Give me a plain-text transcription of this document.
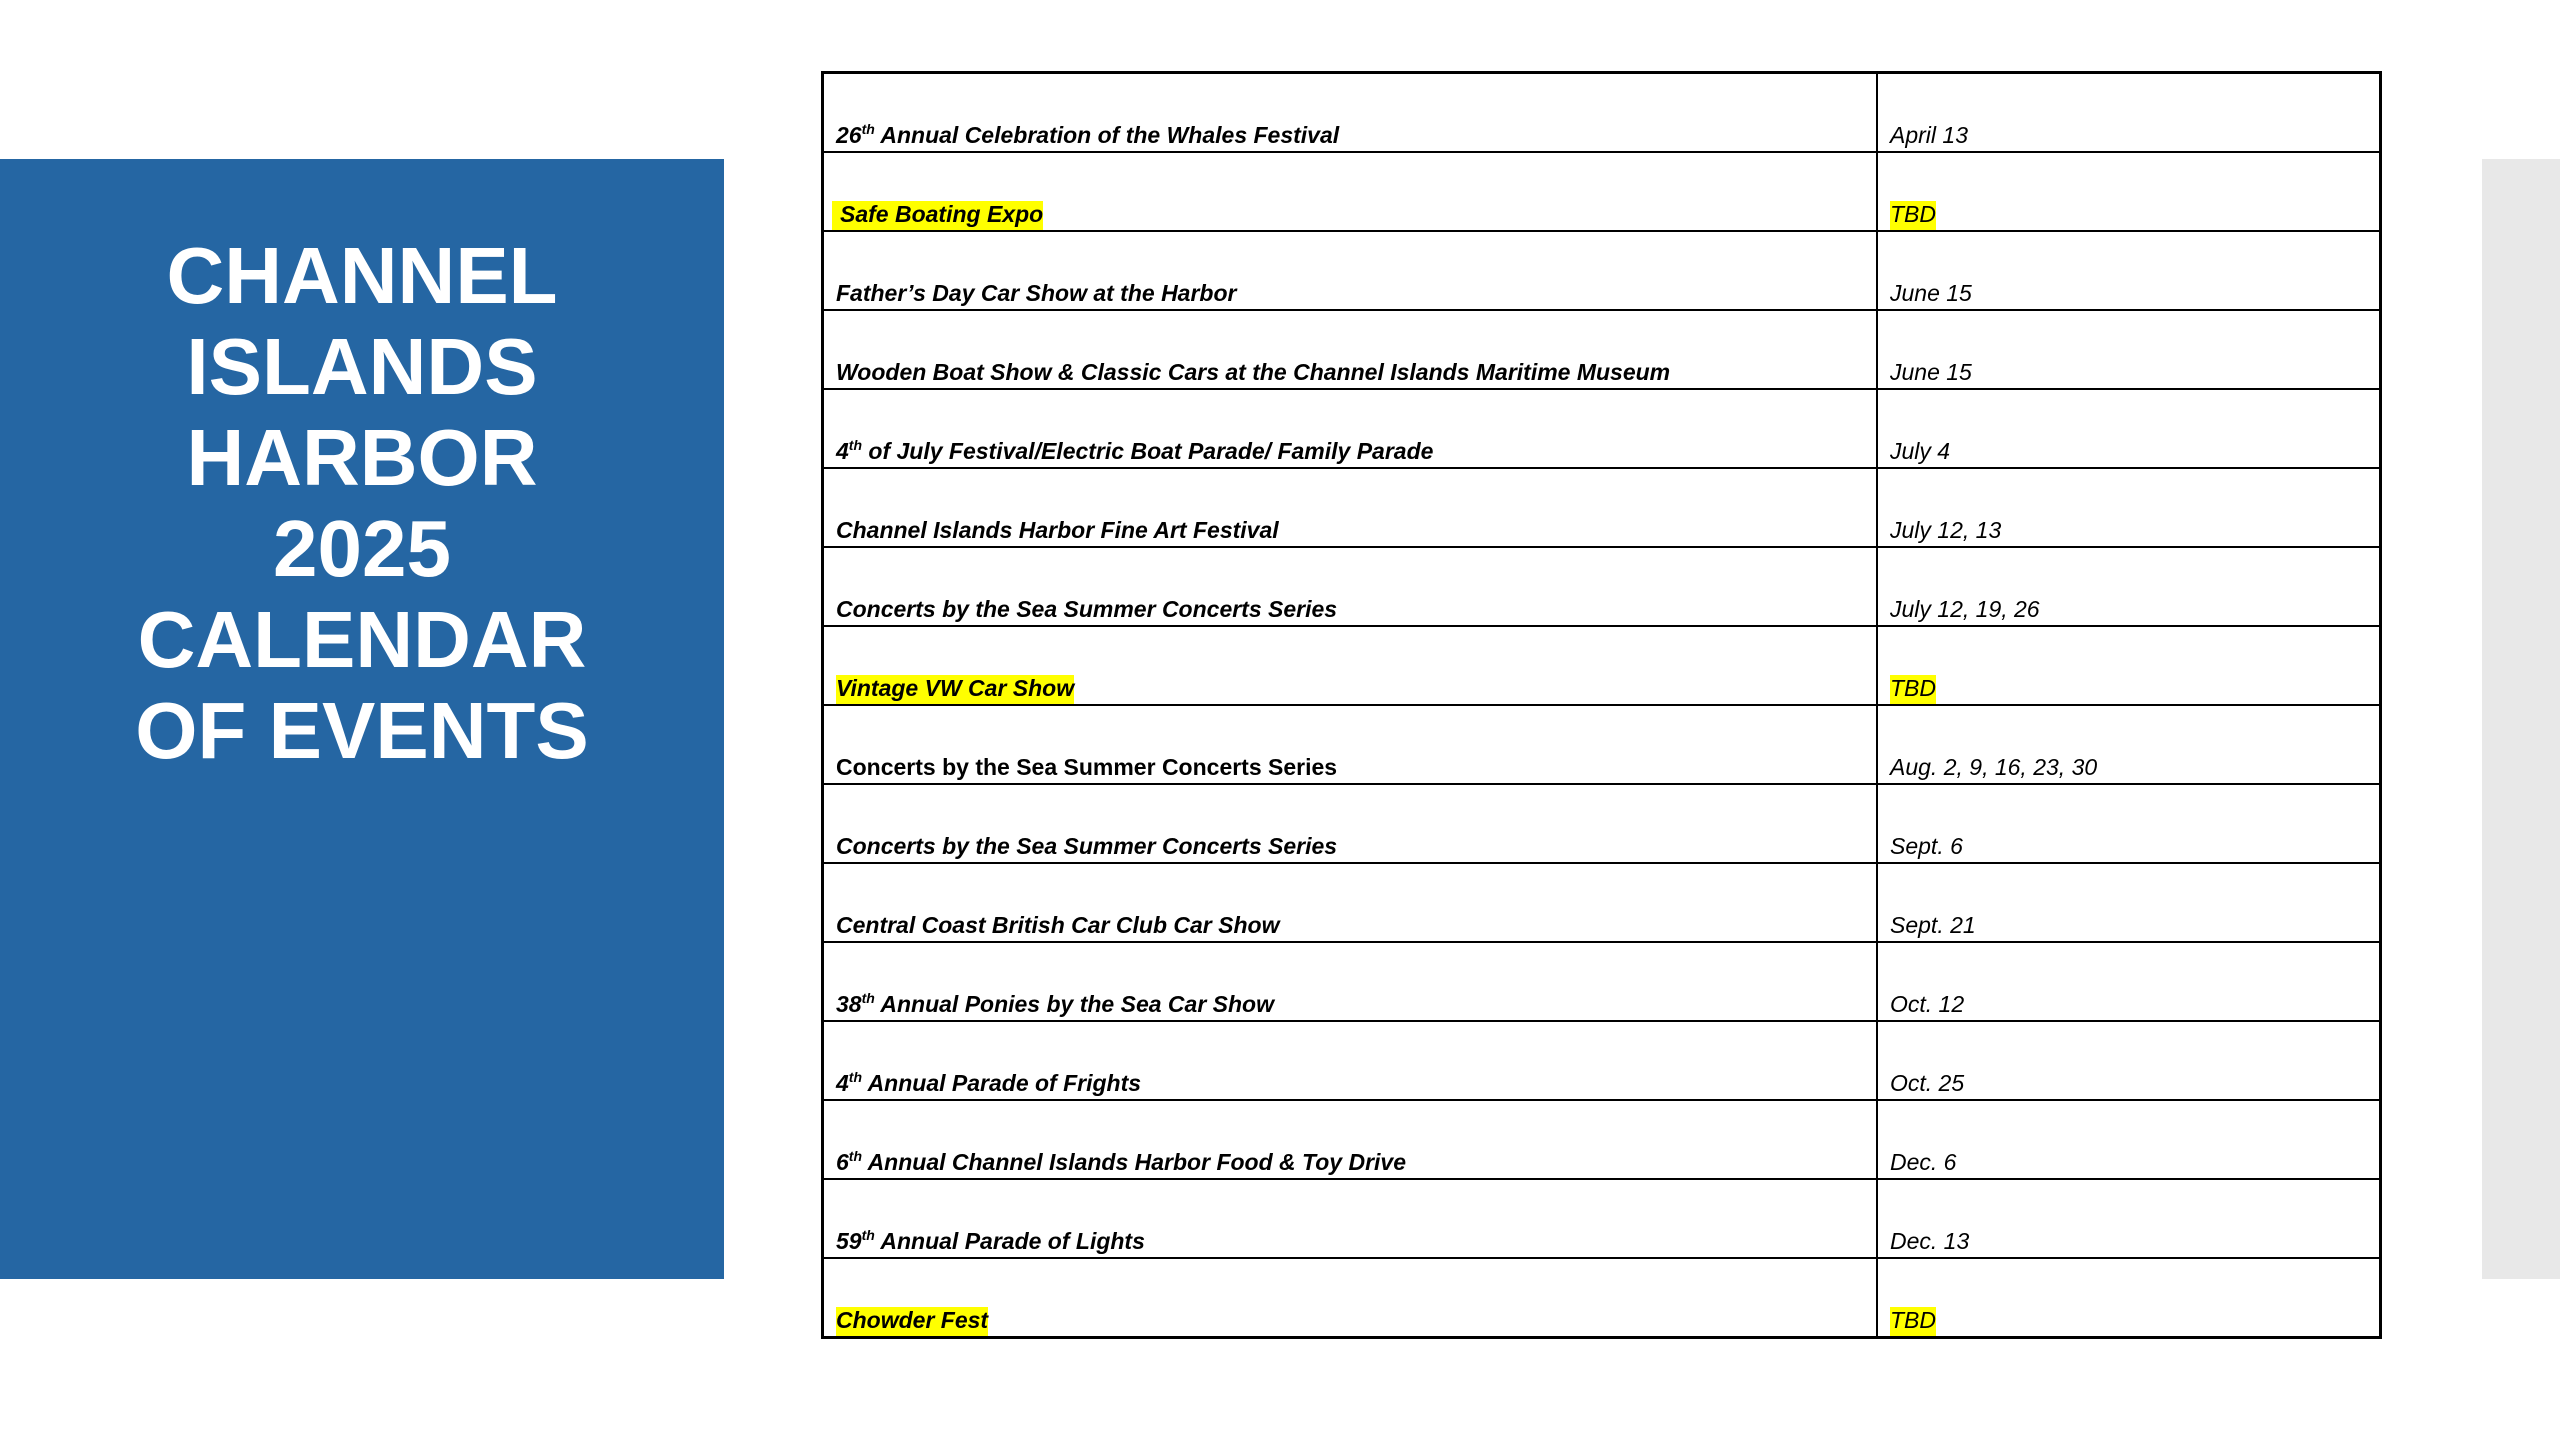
CHANNEL
ISLANDS
HARBOR
2025
CALENDAR
OF EVENTS
26th Annual Celebration of the Whales Festival	April 13
Safe Boating Expo	TBD
Father’s Day Car Show at the Harbor	June 15
Wooden Boat Show & Classic Cars at the Channel Islands Maritime Museum	June 15
4th of July Festival/Electric Boat Parade/ Family Parade	July 4
Channel Islands Harbor Fine Art Festival	July 12, 13
Concerts by the Sea Summer Concerts Series	July 12, 19, 26
Vintage VW Car Show	TBD
Concerts by the Sea Summer Concerts Series	Aug. 2, 9, 16, 23, 30
Concerts by the Sea Summer Concerts Series	Sept. 6
Central Coast British Car Club Car Show	Sept. 21
38th Annual Ponies by the Sea Car Show	Oct. 12
4th Annual Parade of Frights	Oct. 25
6th Annual Channel Islands Harbor Food & Toy Drive	Dec. 6
59th Annual Parade of Lights	Dec. 13
Chowder Fest	TBD
